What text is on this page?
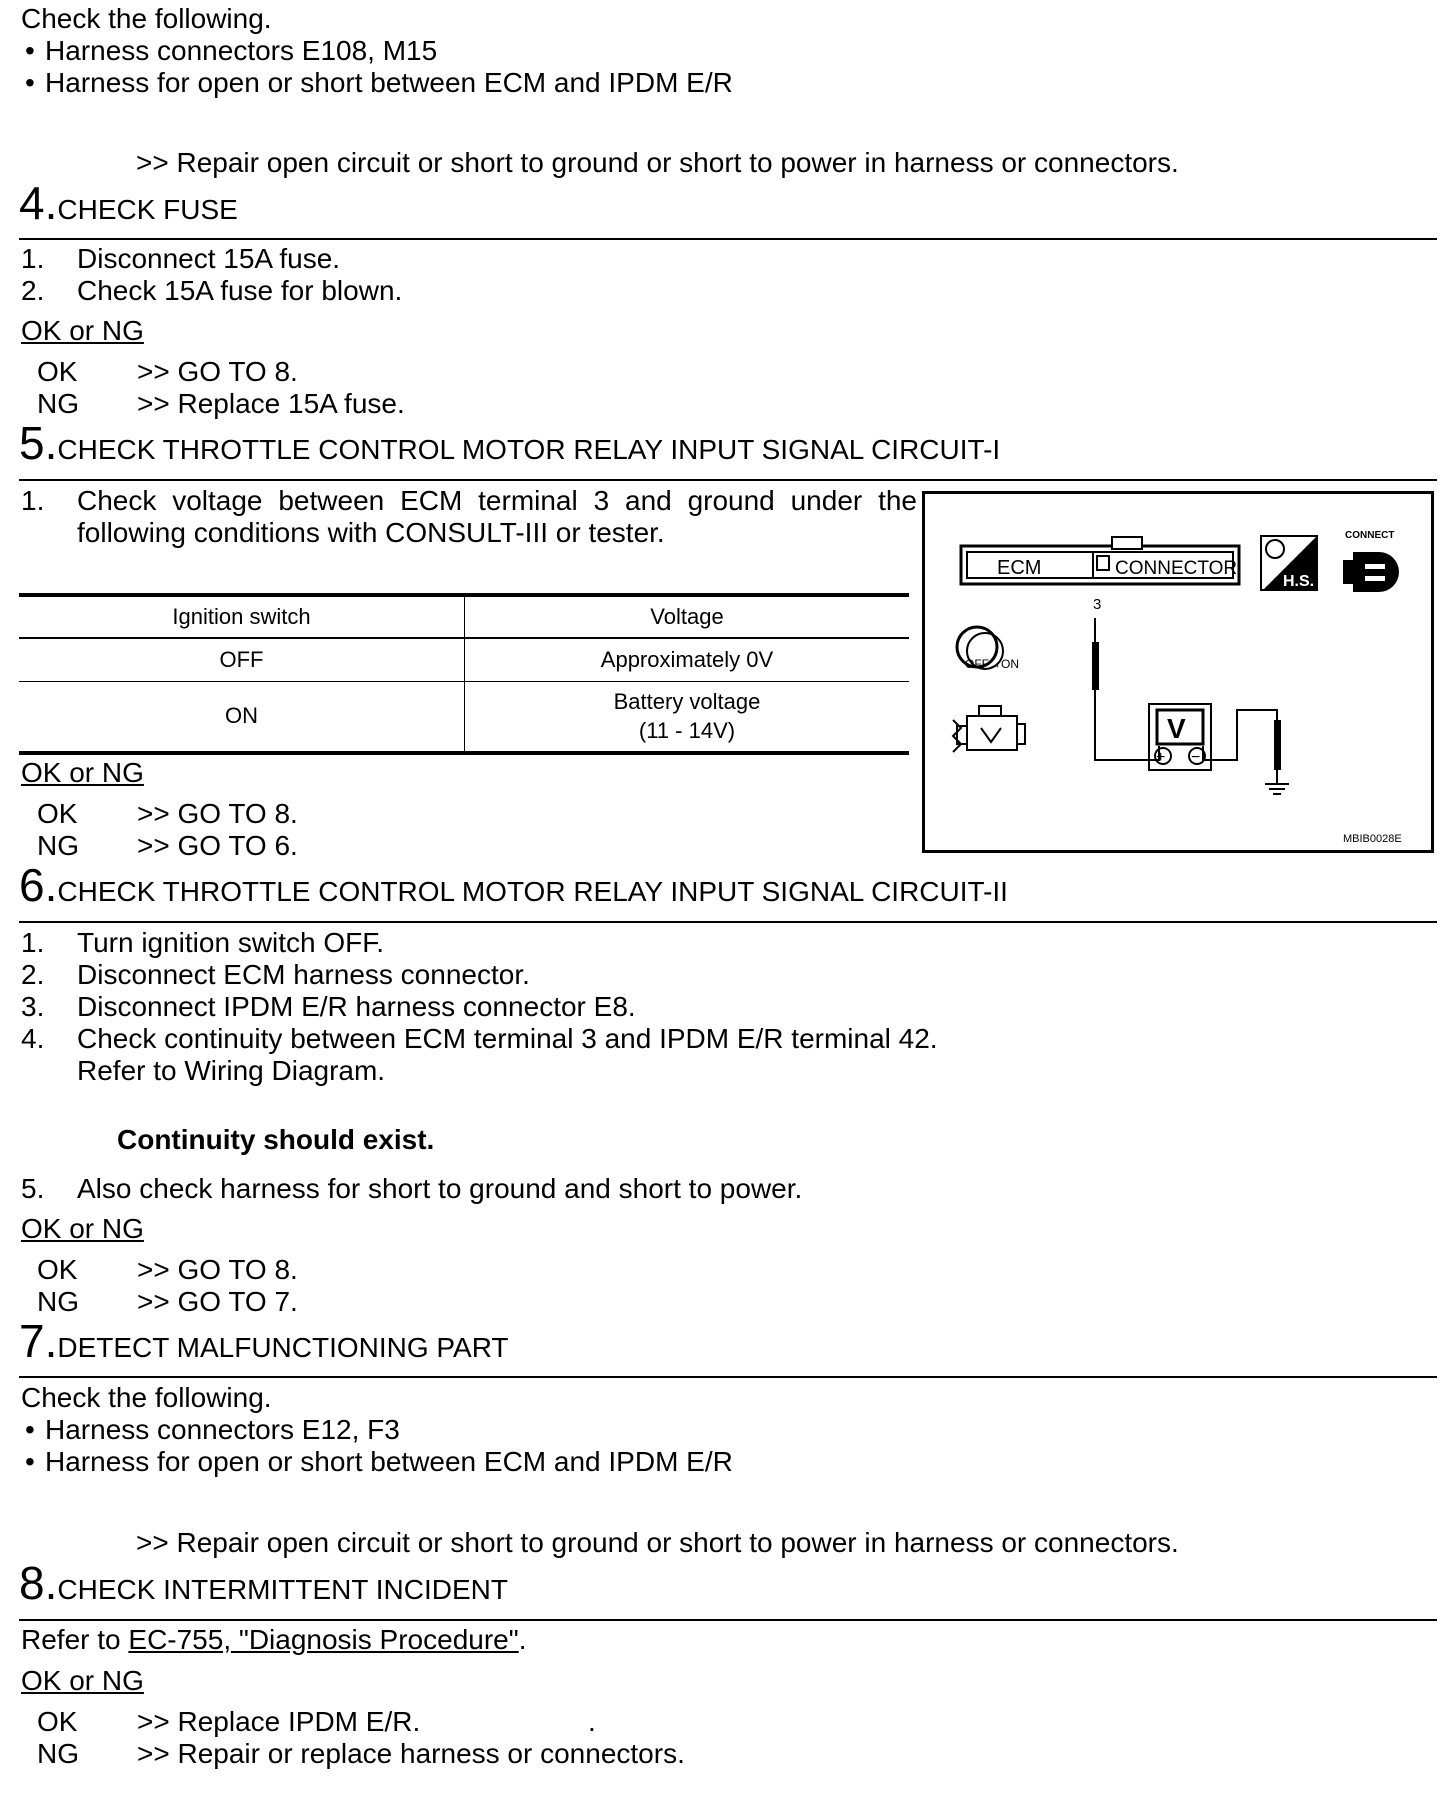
Check the following.
• Harness connectors E108, M15
• Harness for open or short between ECM and IPDM E/R
>> Repair open circuit or short to ground or short to power in harness or connectors.
4.CHECK FUSE
1. Disconnect 15A fuse.
2. Check 15A fuse for blown.
OK or NG
OK >> GO TO 8.
NG >> Replace 15A fuse.
5.CHECK THROTTLE CONTROL MOTOR RELAY INPUT SIGNAL CIRCUIT-I
1. Check voltage between ECM terminal 3 and ground under the
following conditions with CONSULT-III or tester.
Ignition switch	Voltage
OFF	Approximately 0V
ON	Battery voltage
(11 - 14V)
OK or NG
OK >> GO TO 8.
NG >> GO TO 6.
ECM	CONNECTOR
3
H.S.
CONNECT
OFF→ON
V
+ −
MBIB0028E
6.CHECK THROTTLE CONTROL MOTOR RELAY INPUT SIGNAL CIRCUIT-II
1. Turn ignition switch OFF.
2. Disconnect ECM harness connector.
3. Disconnect IPDM E/R harness connector E8.
4. Check continuity between ECM terminal 3 and IPDM E/R terminal 42.
Refer to Wiring Diagram.
Continuity should exist.
5. Also check harness for short to ground and short to power.
OK or NG
OK >> GO TO 8.
NG >> GO TO 7.
7.DETECT MALFUNCTIONING PART
Check the following.
• Harness connectors E12, F3
• Harness for open or short between ECM and IPDM E/R
>> Repair open circuit or short to ground or short to power in harness or connectors.
8.CHECK INTERMITTENT INCIDENT
Refer to EC-755, "Diagnosis Procedure".
OK or NG
OK >> Replace IPDM E/R.	.
NG >> Repair or replace harness or connectors.
